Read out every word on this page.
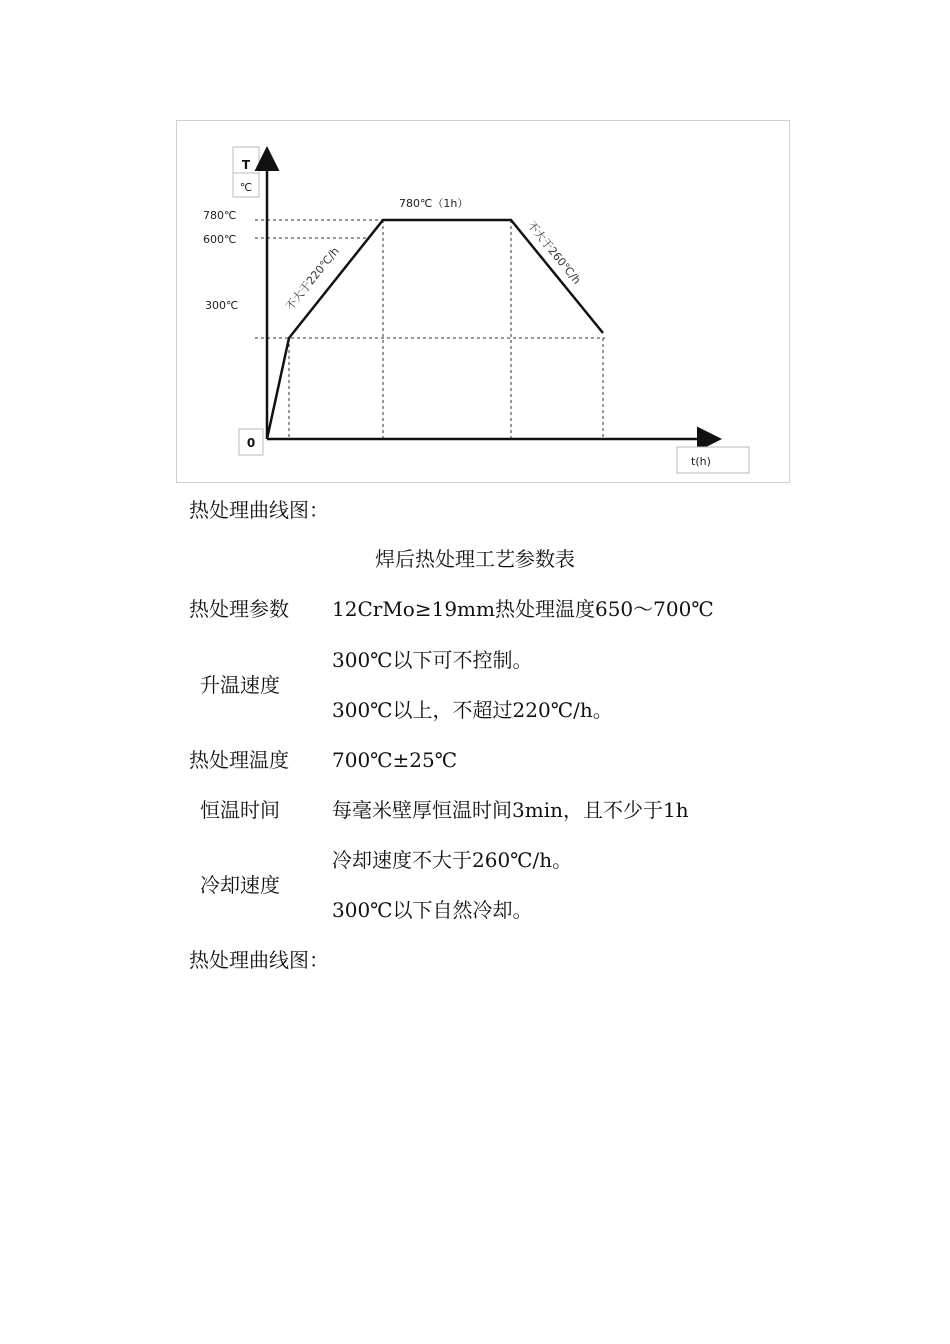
T
℃
780℃
600℃
300℃
780℃（1h）
不大于220℃/h	不大于260℃/h
0
t(h)
热处理曲线图：
焊后热处理工艺参数表
热处理参数 12CrMo≥19mm热处理温度650～700℃
升温速度
300℃以下可不控制。
300℃以上，不超过220℃/h。
热处理温度 700℃±25℃
恒温时间	每毫米壁厚恒温时间3min，且不少于1h
冷却速度
冷却速度不大于260℃/h。
300℃以下自然冷却。
热处理曲线图：
